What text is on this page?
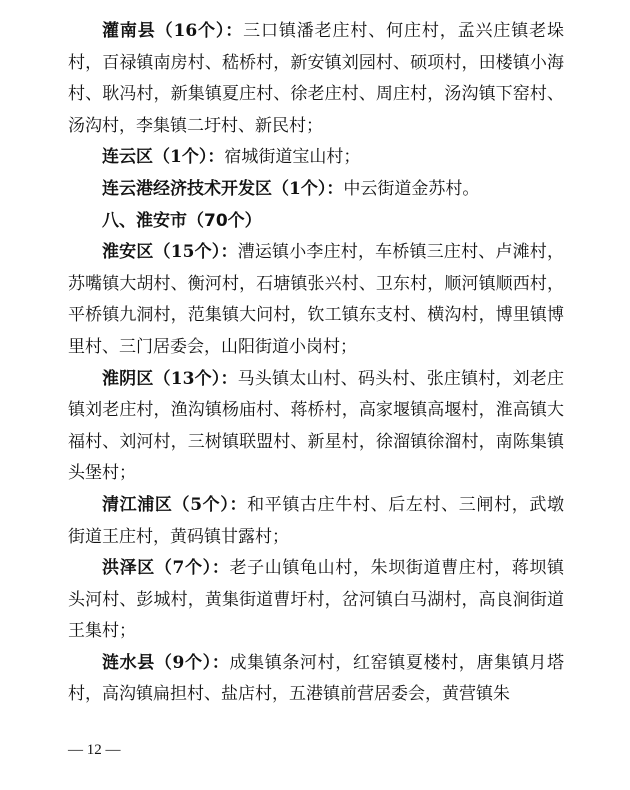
灌南县（16个）：三口镇潘老庄村、何庄村，孟兴庄镇老垛村，百禄镇南房村、嵇桥村，新安镇刘园村、硕项村，田楼镇小海村、耿冯村，新集镇夏庄村、徐老庄村、周庄村，汤沟镇下窑村、汤沟村，李集镇二圩村、新民村；

连云区（1个）：宿城街道宝山村；

连云港经济技术开发区（1个）：中云街道金苏村。

八、淮安市（70个）

淮安区（15个）：漕运镇小李庄村，车桥镇三庄村、卢滩村，苏嘴镇大胡村、衡河村，石塘镇张兴村、卫东村，顺河镇顺西村，平桥镇九洞村，范集镇大问村，钦工镇东支村、横沟村，博里镇博里村、三门居委会，山阳街道小岗村；

淮阴区（13个）：马头镇太山村、码头村、张庄镇村，刘老庄镇刘老庄村，渔沟镇杨庙村、蒋桥村，高家堰镇高堰村，淮高镇大福村、刘河村，三树镇联盟村、新星村，徐溜镇徐溜村，南陈集镇头堡村；

清江浦区（5个）：和平镇古庄牛村、后左村、三闸村，武墩街道王庄村，黄码镇甘露村；

洪泽区（7个）：老子山镇龟山村，朱坝街道曹庄村，蒋坝镇头河村、彭城村，黄集街道曹圩村，岔河镇白马湖村，高良涧街道王集村；

涟水县（9个）：成集镇条河村，红窑镇夏楼村，唐集镇月塔村，高沟镇扁担村、盐店村，五港镇前营居委会，黄营镇朱

— 12 —
